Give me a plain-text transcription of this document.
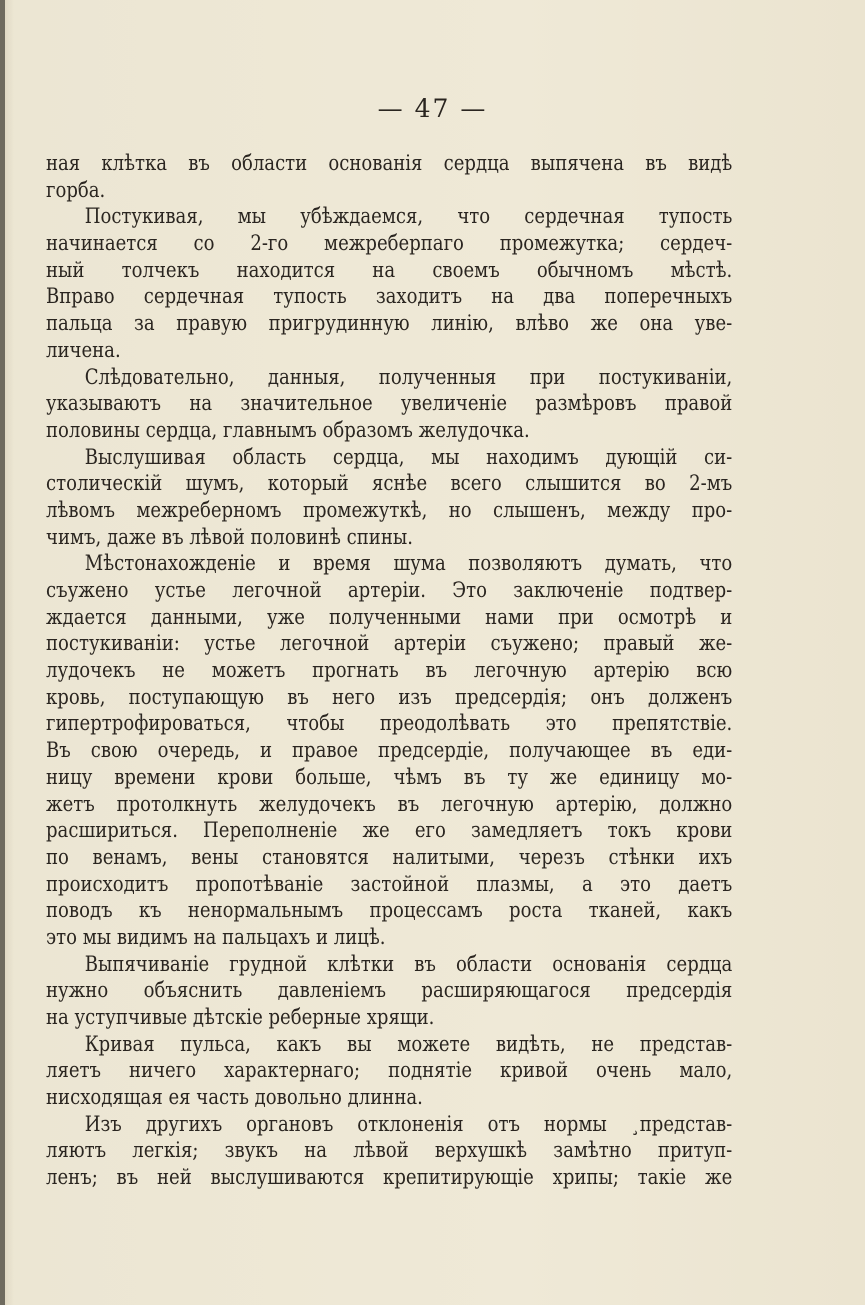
— 47 —
ная клѣтка въ области основанія сердца выпячена въ видѣ
горба.
Постукивая, мы убѣждаемся, что сердечная тупость
начинается со 2-го межреберпаго промежутка; сердеч-
ный толчекъ находится на своемъ обычномъ мѣстѣ.
Вправо сердечная тупость заходитъ на два поперечныхъ
пальца за правую пригрудинную линію, влѣво же она уве-
личена.
Слѣдовательно, данныя, полученныя при постукиваніи,
указываютъ на значительное увеличеніе размѣровъ правой
половины сердца, главнымъ образомъ желудочка.
Выслушивая область сердца, мы находимъ дующій си-
столическій шумъ, который яснѣе всего слышится во 2-мъ
лѣвомъ межреберномъ промежуткѣ, но слышенъ, между про-
чимъ, даже въ лѣвой половинѣ спины.
Мѣстонахожденіе и время шума позволяютъ думать, что
съужено устье легочной артеріи. Это заключеніе подтвер-
ждается данными, уже полученными нами при осмотрѣ и
постукиваніи: устье легочной артеріи съужено; правый же-
лудочекъ не можетъ прогнать въ легочную артерію всю
кровь, поступающую въ него изъ предсердія; онъ долженъ
гипертрофироваться, чтобы преодолѣвать это препятствіе.
Въ свою очередь, и правое предсердіе, получающее въ еди-
ницу времени крови больше, чѣмъ въ ту же единицу мо-
жетъ протолкнуть желудочекъ въ легочную артерію, должно
расшириться. Переполненіе же его замедляетъ токъ крови
по венамъ, вены становятся налитыми, черезъ стѣнки ихъ
происходитъ пропотѣваніе застойной плазмы, а это даетъ
поводъ къ ненормальнымъ процессамъ роста тканей, какъ
это мы видимъ на пальцахъ и лицѣ.
Выпячиваніе грудной клѣтки въ области основанія сердца
нужно объяснить давленіемъ расширяющагося предсердія
на уступчивые дѣтскіе реберные хрящи.
Кривая пульса, какъ вы можете видѣть, не представ-
ляетъ ничего характернаго; поднятіе кривой очень мало,
нисходящая ея часть довольно длинна.
Изъ другихъ органовъ отклоненія отъ нормы ¸представ-
ляютъ легкія; звукъ на лѣвой верхушкѣ замѣтно притуп-
ленъ; въ ней выслушиваются крепитирующіе хрипы; такіе же
